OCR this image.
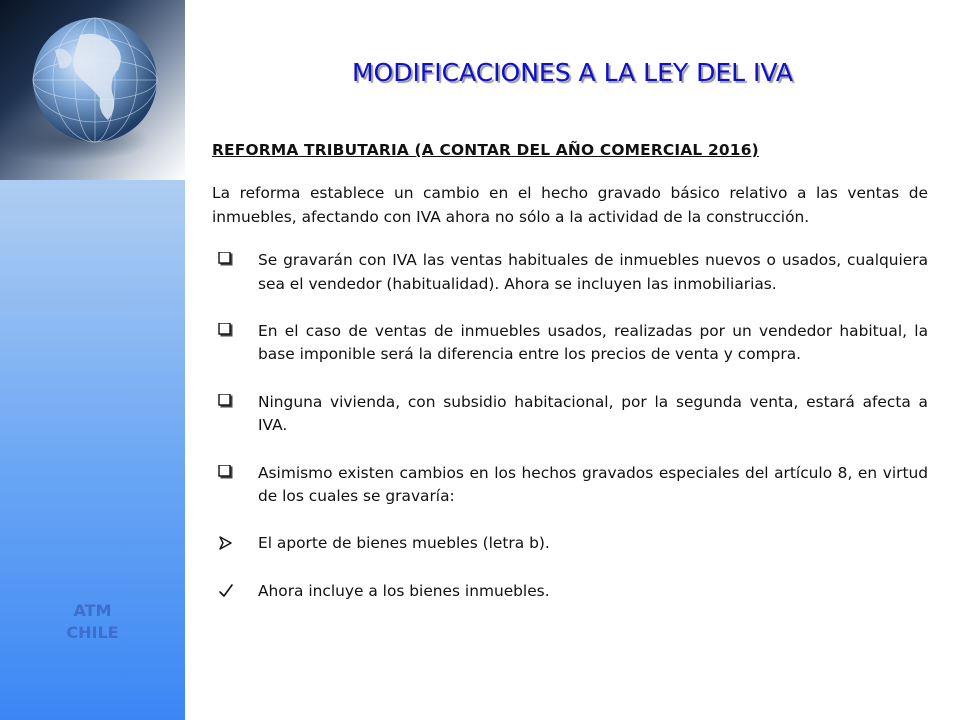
ATM
CHILE
MODIFICACIONES A LA LEY DEL IVA
REFORMA TRIBUTARIA (A CONTAR DEL AÑO COMERCIAL 2016)
La reforma establece un cambio en el hecho gravado básico relativo a las ventas de inmuebles, afectando con IVA ahora no sólo a la actividad de la construcción.
Se gravarán con IVA las ventas habituales de inmuebles nuevos o usados, cualquiera sea el vendedor (habitualidad). Ahora se incluyen las inmobiliarias.
En el caso de ventas de inmuebles usados, realizadas por un vendedor habitual, la base imponible será la diferencia entre los precios de venta y compra.
Ninguna vivienda, con subsidio habitacional, por la segunda venta, estará afecta a IVA.
Asimismo existen cambios en los hechos gravados especiales del artículo 8, en virtud de los cuales se gravaría:
El aporte de bienes muebles (letra b).
Ahora incluye a los bienes inmuebles.
